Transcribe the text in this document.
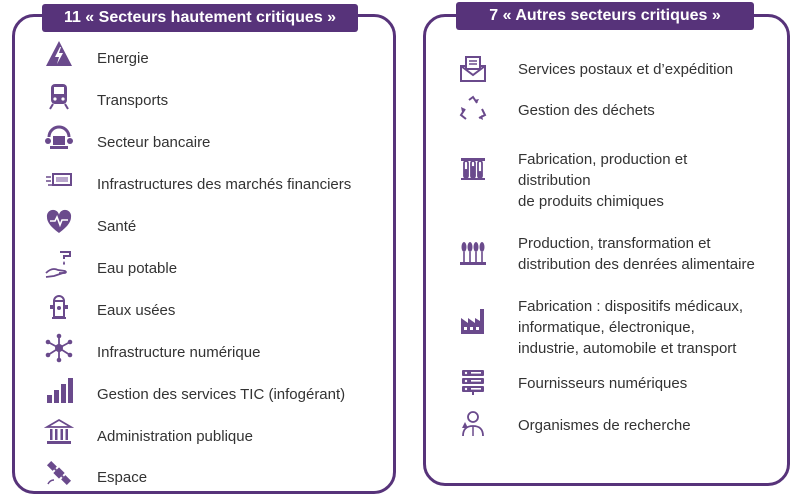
11 « Secteurs hautement critiques »	7 « Autres secteurs critiques »
Energie
Transports
Secteur bancaire
Infrastructures des marchés financiers
Santé
Eau potable
Eaux usées
Infrastructure numérique
Gestion des services TIC (infogérant)
Administration publique
Espace
Services postaux et d’expédition
Gestion des déchets
Fabrication, production et
distribution
de produits chimiques
Production, transformation et
distribution des denrées alimentaire
Fabrication : dispositifs médicaux,
informatique, électronique,
industrie, automobile et transport
Fournisseurs numériques
Organismes de recherche
